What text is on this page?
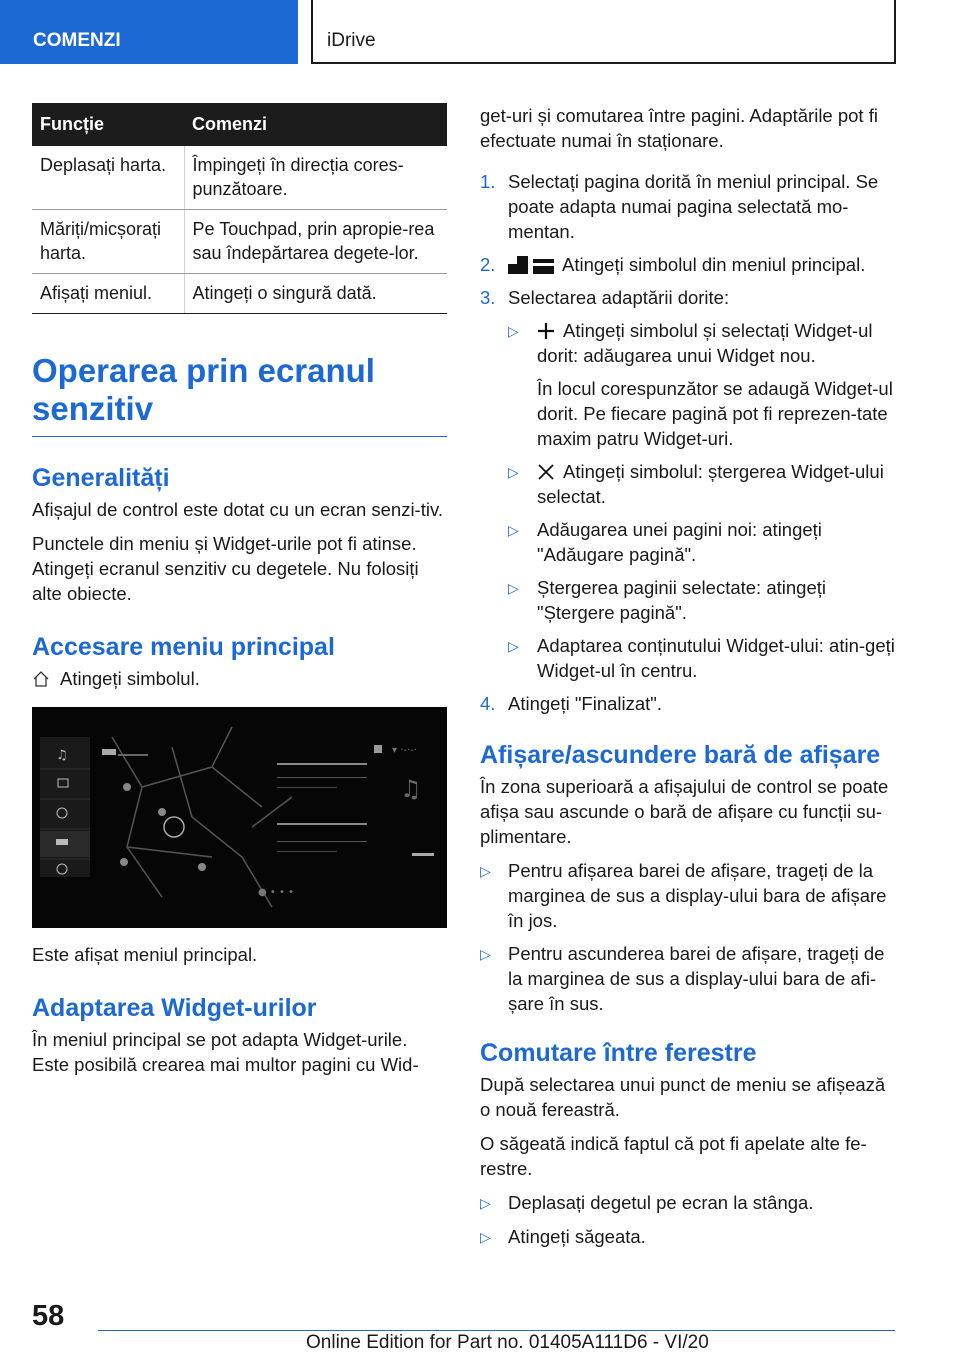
COMENZI	iDrive
Funcție	Comenzi
Deplasați harta.	Împingeți în direcția cores-punzătoare.
Măriți/micșorați harta.	Pe Touchpad, prin apropie-rea sau îndepărtarea degete-lor.
Afișați meniul.	Atingeți o singură dată.
Operarea prin ecranul senzitiv
Generalități

Afișajul de control este dotat cu un ecran senzi-tiv.

Punctele din meniu și Widget-urile pot fi atinse. Atingeți ecranul senzitiv cu degetele. Nu folosiți alte obiecte.

Accesare meniu principal
Atingeți simbolul.
♫
♫
▾ ·-·-·
● • • •

Este afișat meniul principal.

Adaptarea Widget-urilor

În meniul principal se pot adapta Widget-urile. Este posibilă crearea mai multor pagini cu Wid-

get-uri și comutarea între pagini. Adaptările pot fi efectuate numai în staționare.

1. Selectați pagina dorită în meniul principal. Se poate adapta numai pagina selectată mo-mentan.
2.	Atingeți simbolul din meniul principal.
3. Selectarea adaptării dorite:
▷	Atingeți simbolul și selectați Widget-ul dorit: adăugarea unui Widget nou.
În locul corespunzător se adaugă Widget-ul dorit. Pe fiecare pagină pot fi reprezen-tate maxim patru Widget-uri.
▷	Atingeți simbolul: ștergerea Widget-ului selectat.
▷ Adăugarea unei pagini noi: atingeți "Adăugare pagină".
▷ Ștergerea paginii selectate: atingeți "Ștergere pagină".
▷ Adaptarea conținutului Widget-ului: atin-geți Widget-ul în centru.
4. Atingeți "Finalizat".
Afișare/ascundere bară de afișare

În zona superioară a afișajului de control se poate afișa sau ascunde o bară de afișare cu funcții su-plimentare.

▷ Pentru afișarea barei de afișare, trageți de la marginea de sus a display-ului bara de afișare în jos.
▷ Pentru ascunderea barei de afișare, trageți de la marginea de sus a display-ului bara de afi-șare în sus.
Comutare între ferestre

După selectarea unui punct de meniu se afișează o nouă fereastră.

O săgeată indică faptul că pot fi apelate alte fe-restre.

▷ Deplasați degetul pe ecran la stânga.
▷ Atingeți săgeata.
58
Online Edition for Part no. 01405A111D6 - VI/20
